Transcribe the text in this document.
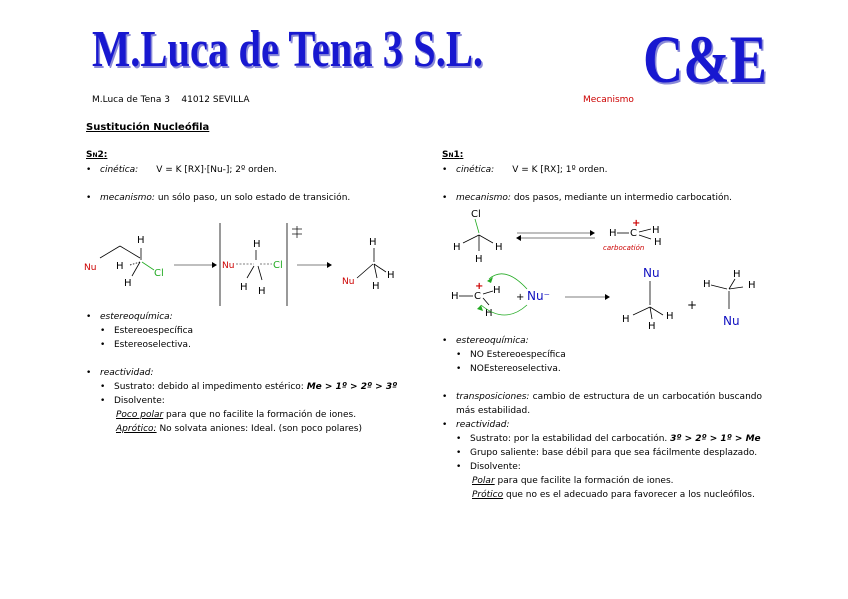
M.Luca de Tena 3 S.L. C&E
M.Luca de Tena 3    41012 SEVILLA	Mecanismo
Sustitución Nucleófila
SN2:
• cinética: V = K [RX]·[Nu-]; 2º orden.
• mecanismo: un sólo paso, un solo estado de transición.
Nu
H
H
H
Cl
Nu
H
H H
Cl
Nu
H
H
H
• estereoquímica:
• Estereoespecífica
• Estereoselectiva.
• reactividad:
• Sustrato: debido al impedimento estérico: Me > 1º > 2º > 3º
• Disolvente:
Poco polar para que no facilite la formación de iones.
Aprótico: No solvata aniones: Ideal. (son poco polares)
SN1:
• cinética: V = K [RX]; 1º orden.
• mecanismo: dos pasos, mediante un intermedio carbocatión.
Cl
H	H
H
H C
+
H
H
carbocatión
H C
+ H
H
+ Nu⁻
Nu
H	H
H
+
H
H
H
Nu
• estereoquímica:
• NO Estereoespecífica
• NOEstereoselectiva.
• transposiciones: cambio de estructura de un carbocatión buscando más estabilidad.
• reactividad:
• Sustrato: por la estabilidad del carbocatión. 3º > 2º > 1º > Me
• Grupo saliente: base débil para que sea fácilmente desplazado.
• Disolvente:
Polar para que facilite la formación de iones.
Prótico que no es el adecuado para favorecer a los nucleófilos.
